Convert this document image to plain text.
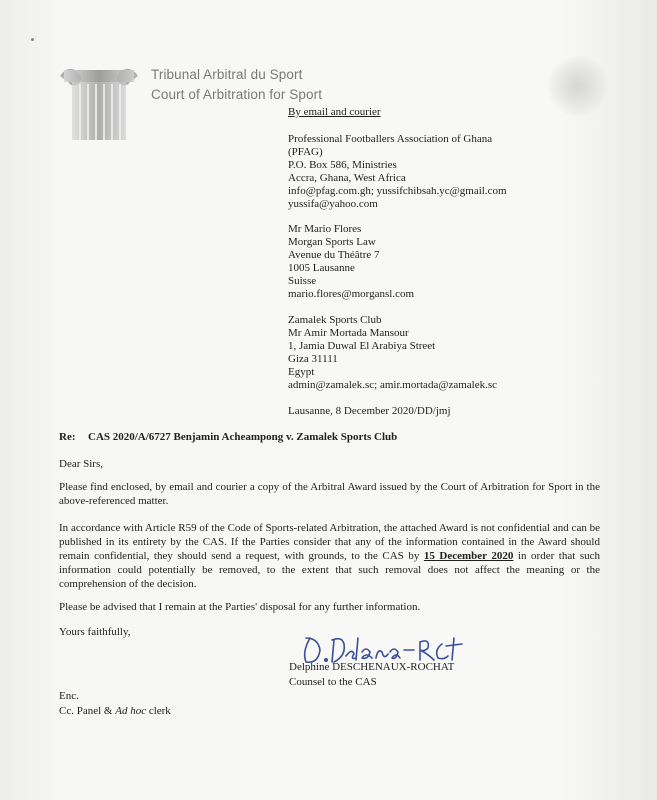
Tribunal Arbitral du Sport
Court of Arbitration for Sport
By email and courier
Professional Footballers Association of Ghana
(PFAG)
P.O. Box 586, Ministries
Accra, Ghana, West Africa
info@pfag.com.gh; yussifchibsah.yc@gmail.com
yussifa@yahoo.com
Mr Mario Flores
Morgan Sports Law
Avenue du Théâtre 7
1005 Lausanne
Suisse
mario.flores@morgansl.com
Zamalek Sports Club
Mr Amir Mortada Mansour
1, Jamia Duwal El Arabiya Street
Giza 31111
Egypt
admin@zamalek.sc; amir.mortada@zamalek.sc
Lausanne, 8 December 2020/DD/jmj
Re: CAS 2020/A/6727 Benjamin Acheampong v. Zamalek Sports Club
Dear Sirs,
Please find enclosed, by email and courier a copy of the Arbitral Award issued by the Court of Arbitration for Sport in the above-referenced matter.
In accordance with Article R59 of the Code of Sports-related Arbitration, the attached Award is not confidential and can be published in its entirety by the CAS. If the Parties consider that any of the information contained in the Award should remain confidential, they should send a request, with grounds, to the CAS by 15 December 2020 in order that such information could potentially be removed, to the extent that such removal does not affect the meaning or the comprehension of the decision.
Please be advised that I remain at the Parties' disposal for any further information.
Yours faithfully,
Delphine DESCHENAUX-ROCHAT
Counsel to the CAS
Enc.
Cc. Panel & Ad hoc clerk
